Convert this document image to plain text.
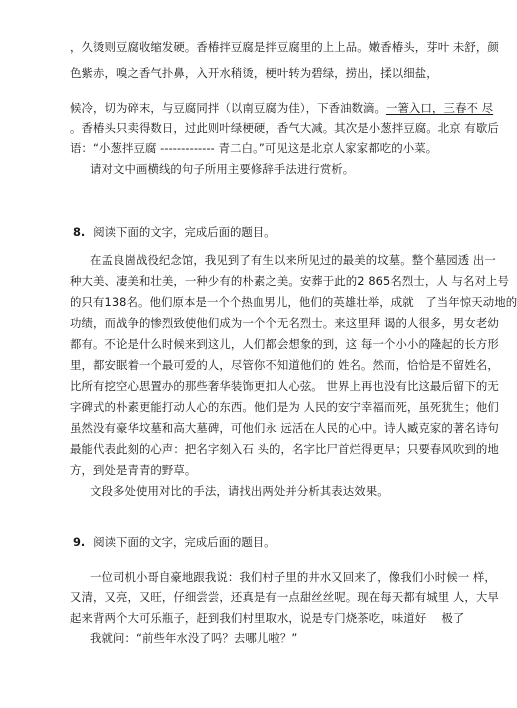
，久烫则豆腐收缩发硬。香椿拌豆腐是拌豆腐里的上上品。嫩香椿头，芽叶 未舒，颜
色紫赤，嗅之香气扑鼻，入开水稍烫，梗叶转为碧绿，捞出，揉以细盐，
候冷，切为碎末，与豆腐同拌（以南豆腐为佳），下香油数滴。一箸入口，三春不 尽
。香椿头只卖得数日，过此则叶绿梗硬，香气大减。其次是小葱拌豆腐。北京 有歇后
语：“小葱拌豆腐 ------------- 青二白。”可见这是北京人家家都吃的小菜。
请对文中画横线的句子所用主要修辞手法进行赏析。
8. 阅读下面的文字，完成后面的题目。
在孟良崮战役纪念馆，我见到了有生以来所见过的最美的坟墓。整个墓园透 出一
种大美、凄美和壮美，一种少有的朴素之美。安葬于此的2 865名烈士，人 与名对上号
的只有138名。他们原本是一个个热血男儿，他们的英雄壮举，成就　了当年惊天动地的
功绩，而战争的惨烈致使他们成为一个个无名烈士。来这里拜 谒的人很多，男女老幼
都有。不论是什么时候来到这儿，人们都会想象的到，这 每一个小小的隆起的长方形
里，都安眠着一个最可爱的人，尽管你不知道他们的 姓名。然而，恰恰是不留姓名，
比所有挖空心思置办的那些奢华装饰更扣人心弦。 世界上再也没有比这最后留下的无
字碑式的朴素更能打动人心的东西。他们是为 人民的安宁幸福而死，虽死犹生；他们
虽然没有豪华坟墓和高大墓碑，可他们永 远活在人民的心中。诗人臧克家的著名诗句
最能代表此刻的心声：把名字刻入石 头的，名字比尸首烂得更早；只要春风吹到的地
方，到处是青青的野草。
文段多处使用对比的手法，请找出两处并分析其表达效果。
9. 阅读下面的文字，完成后面的题目。
一位司机小哥自豪地跟我说：我们村子里的井水又回来了，像我们小时候一 样，
又清，又亮，又旺，仔细尝尝，还真是有一点甜丝丝呢。现在每天都有城里 人，大早
起来背两个大可乐瓶子，赶到我们村里取水，说是专门烧茶吃，味道好　 极了
我就问：“前些年水没了吗？去哪儿啦？”
